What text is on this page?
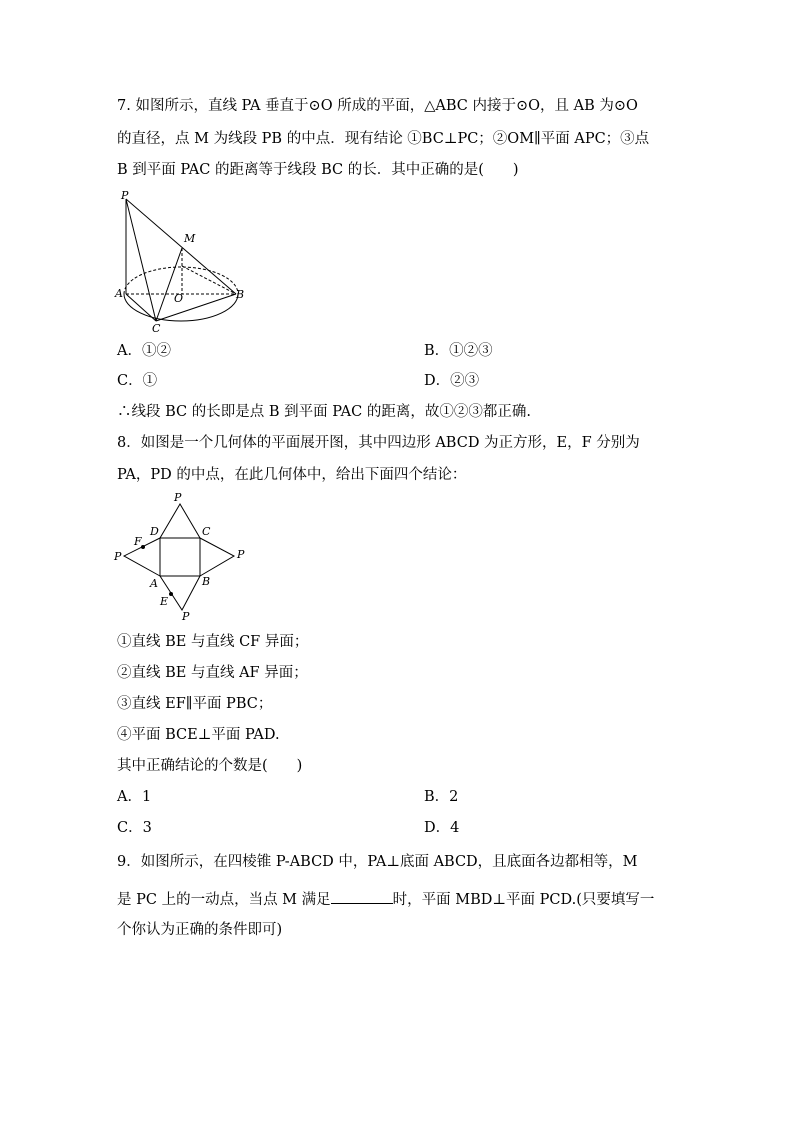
7. 如图所示，直线 PA 垂直于⊙O 所成的平面，△ABC 内接于⊙O，且 AB 为⊙O
的直径，点 M 为线段 PB 的中点．现有结论 ①BC⊥PC；②OM∥平面 APC；③点
B 到平面 PAC 的距离等于线段 BC 的长．其中正确的是(　　)
P
M
A	O	B
C
A．①②	B．①②③
C．①	D．②③
∴线段 BC 的长即是点 B 到平面 PAC 的距离，故①②③都正确.
8．如图是一个几何体的平面展开图，其中四边形 ABCD 为正方形，E，F 分别为
PA，PD 的中点，在此几何体中，给出下面四个结论：
P
P	P
P
D	C
F
A	B
E
①直线 BE 与直线 CF 异面；
②直线 BE 与直线 AF 异面；
③直线 EF∥平面 PBC；
④平面 BCE⊥平面 PAD.
其中正确结论的个数是(　　)
A．1	B．2
C．3	D．4
9．如图所示，在四棱锥 P-ABCD 中，PA⊥底面 ABCD，且底面各边都相等，M
是 PC 上的一动点，当点 M 满足	时，平面 MBD⊥平面 PCD.(只要填写一
个你认为正确的条件即可)
